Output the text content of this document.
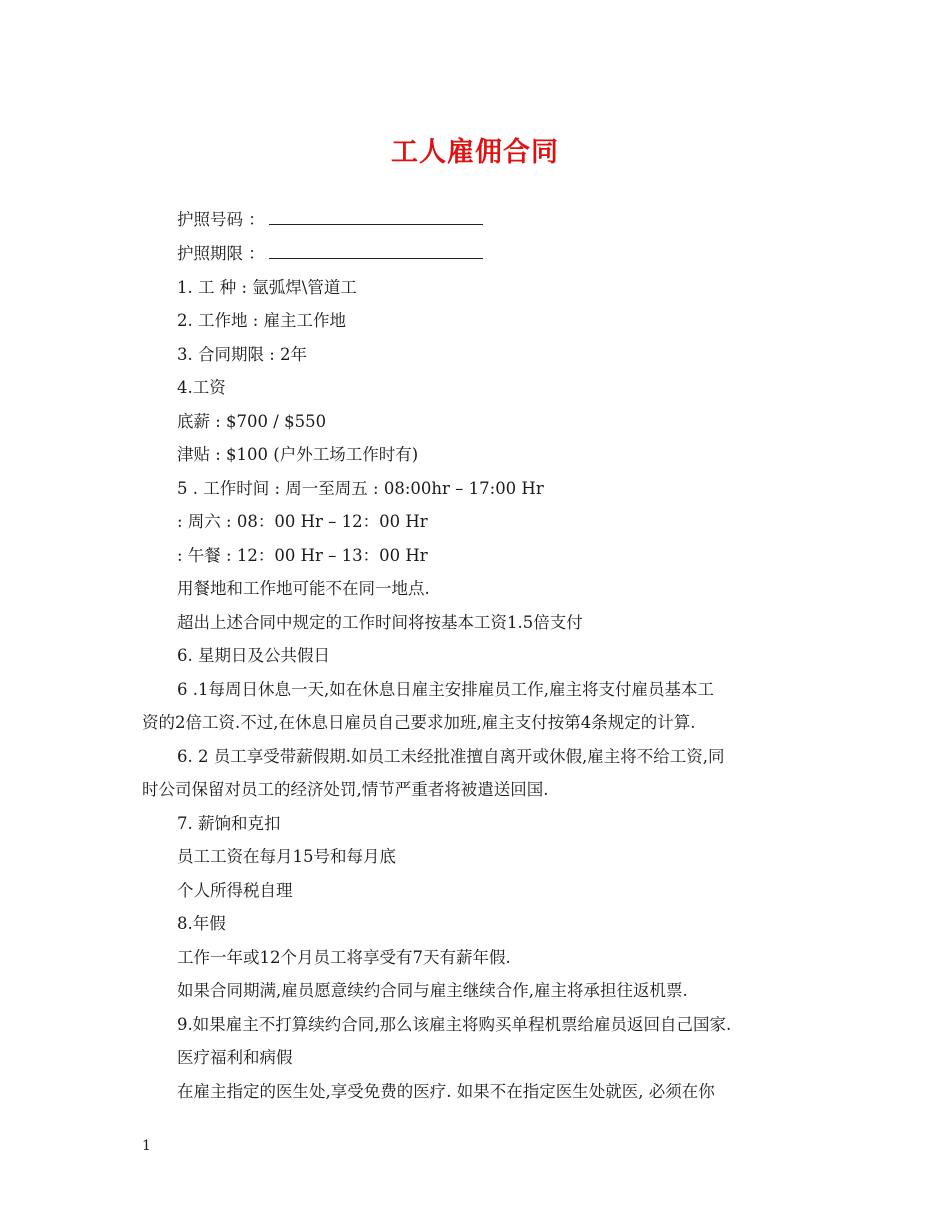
工人雇佣合同
护照号码 ：
护照期限 ：
1. 工 种 : 氩弧焊\管道工
2. 工作地 : 雇主工作地
3. 合同期限 : 2年
4.工资
底薪 : $700 / $550
津贴 : $100 (户外工场工作时有)
5 . 工作时间 : 周一至周五 : 08:00hr – 17:00 Hr
: 周六 : 08：00 Hr – 12：00 Hr
: 午餐 : 12：00 Hr – 13：00 Hr
用餐地和工作地可能不在同一地点.
超出上述合同中规定的工作时间将按基本工资1.5倍支付
6. 星期日及公共假日
6 .1每周日休息一天,如在休息日雇主安排雇员工作,雇主将支付雇员基本工
资的2倍工资.不过,在休息日雇员自己要求加班,雇主支付按第4条规定的计算.
6. 2 员工享受带薪假期.如员工未经批准擅自离开或休假,雇主将不给工资,同
时公司保留对员工的经济处罚,情节严重者将被遣送回国.
7. 薪饷和克扣
员工工资在每月15号和每月底
个人所得税自理
8.年假
工作一年或12个月员工将享受有7天有薪年假.
如果合同期满,雇员愿意续约合同与雇主继续合作,雇主将承担往返机票.
9.如果雇主不打算续约合同,那么该雇主将购买单程机票给雇员返回自己国家.
医疗福利和病假
在雇主指定的医生处,享受免费的医疗. 如果不在指定医生处就医, 必须在你
1
